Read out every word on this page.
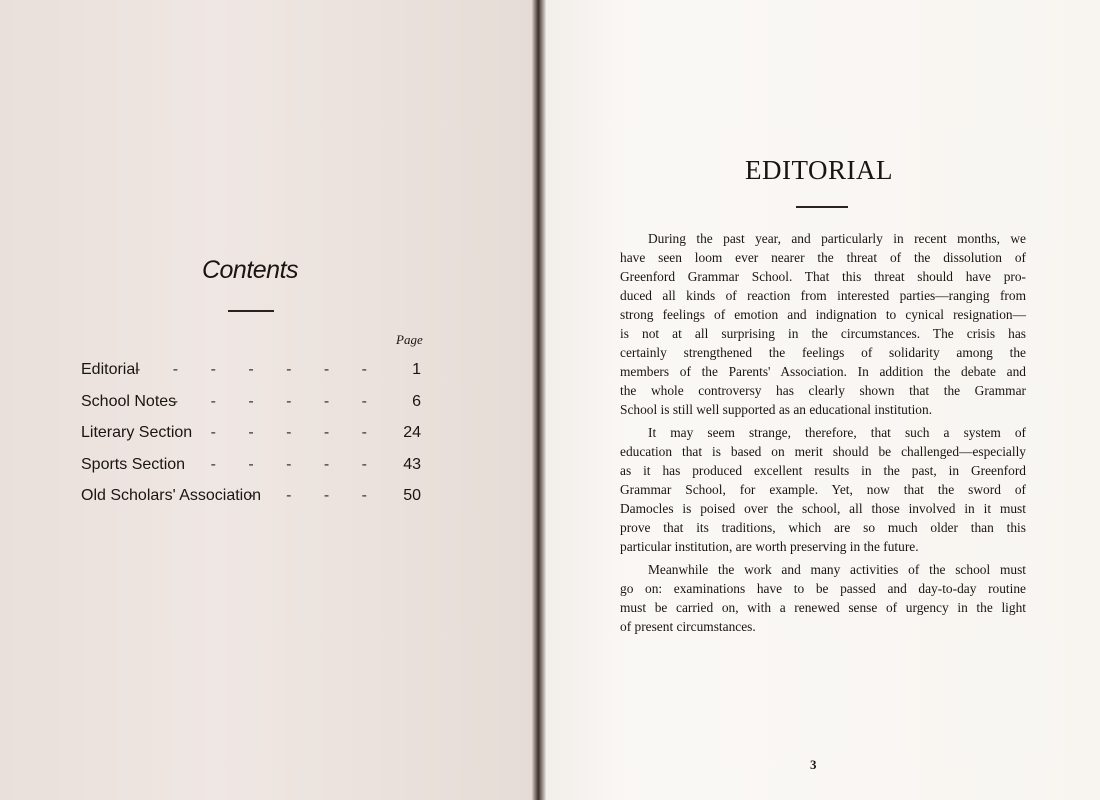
Contents
Page
Editorial
- - - - - - - 1
School Notes
- - - - - - 6
Literary Section - - - - - 24
Sports Section - - - - - 43
Old Scholars' Association
- - - - 50
EDITORIAL
During the past year, and particularly in recent months, we
have seen loom ever nearer the threat of the dissolution of
Greenford Grammar School. That this threat should have pro-
duced all kinds of reaction from interested parties—ranging from
strong feelings of emotion and indignation to cynical resignation—
is not at all surprising in the circumstances. The crisis has
certainly strengthened the feelings of solidarity among the
members of the Parents' Association. In addition the debate and
the whole controversy has clearly shown that the Grammar
School is still well supported as an educational institution.
It may seem strange, therefore, that such a system of
education that is based on merit should be challenged—especially
as it has produced excellent results in the past, in Greenford
Grammar School, for example. Yet, now that the sword of
Damocles is poised over the school, all those involved in it must
prove that its traditions, which are so much older than this
particular institution, are worth preserving in the future.
Meanwhile the work and many activities of the school must
go on: examinations have to be passed and day-to-day routine
must be carried on, with a renewed sense of urgency in the light
of present circumstances.
3
